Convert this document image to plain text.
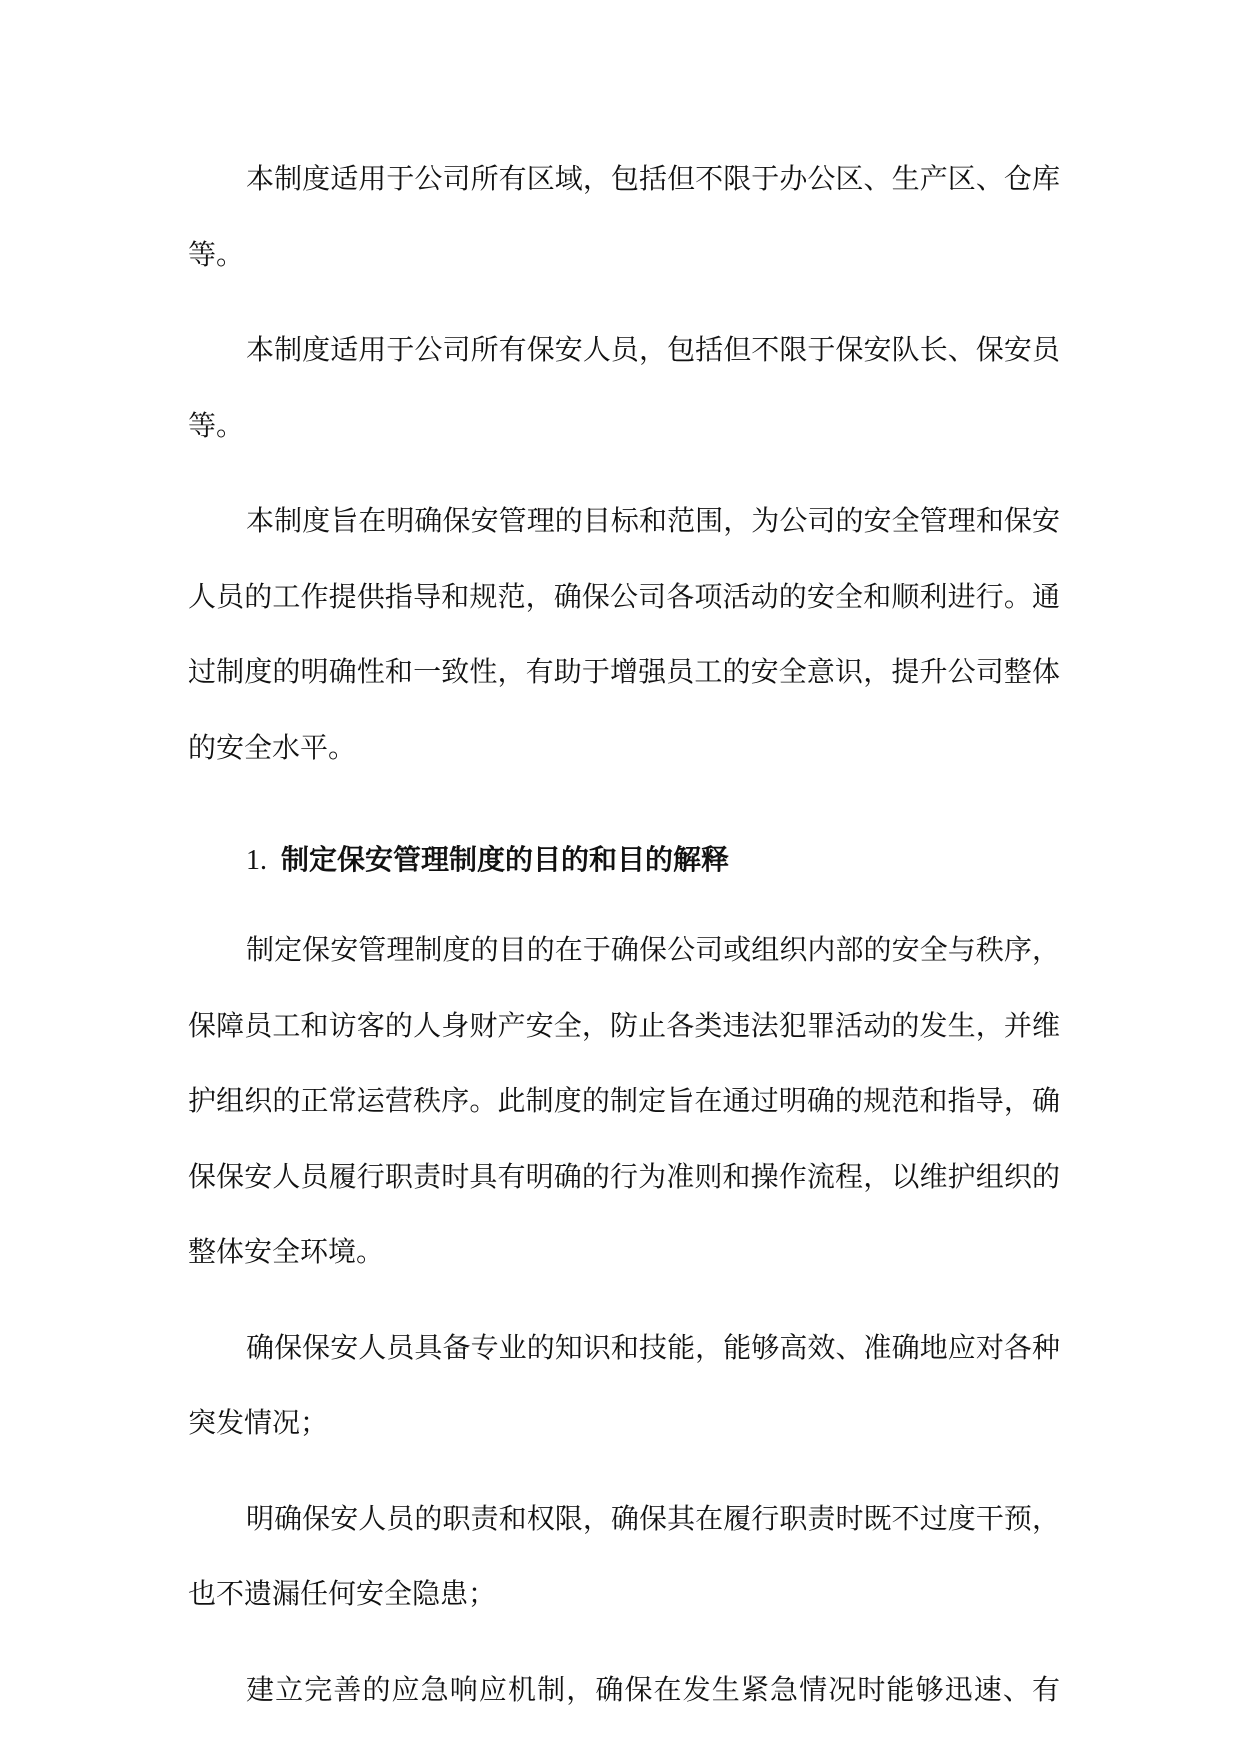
本制度适用于公司所有区域，包括但不限于办公区、生产区、仓库等。

本制度适用于公司所有保安人员，包括但不限于保安队长、保安员等。

本制度旨在明确保安管理的目标和范围，为公司的安全管理和保安人员的工作提供指导和规范，确保公司各项活动的安全和顺利进行。通过制度的明确性和一致性，有助于增强员工的安全意识，提升公司整体的安全水平。

1. 制定保安管理制度的目的和目的解释

制定保安管理制度的目的在于确保公司或组织内部的安全与秩序，保障员工和访客的人身财产安全，防止各类违法犯罪活动的发生，并维护组织的正常运营秩序。此制度的制定旨在通过明确的规范和指导，确保保安人员履行职责时具有明确的行为准则和操作流程，以维护组织的整体安全环境。

确保保安人员具备专业的知识和技能，能够高效、准确地应对各种突发情况；

明确保安人员的职责和权限，确保其在履行职责时既不过度干预，也不遗漏任何安全隐患；

建立完善的应急响应机制，确保在发生紧急情况时能够迅速、有
